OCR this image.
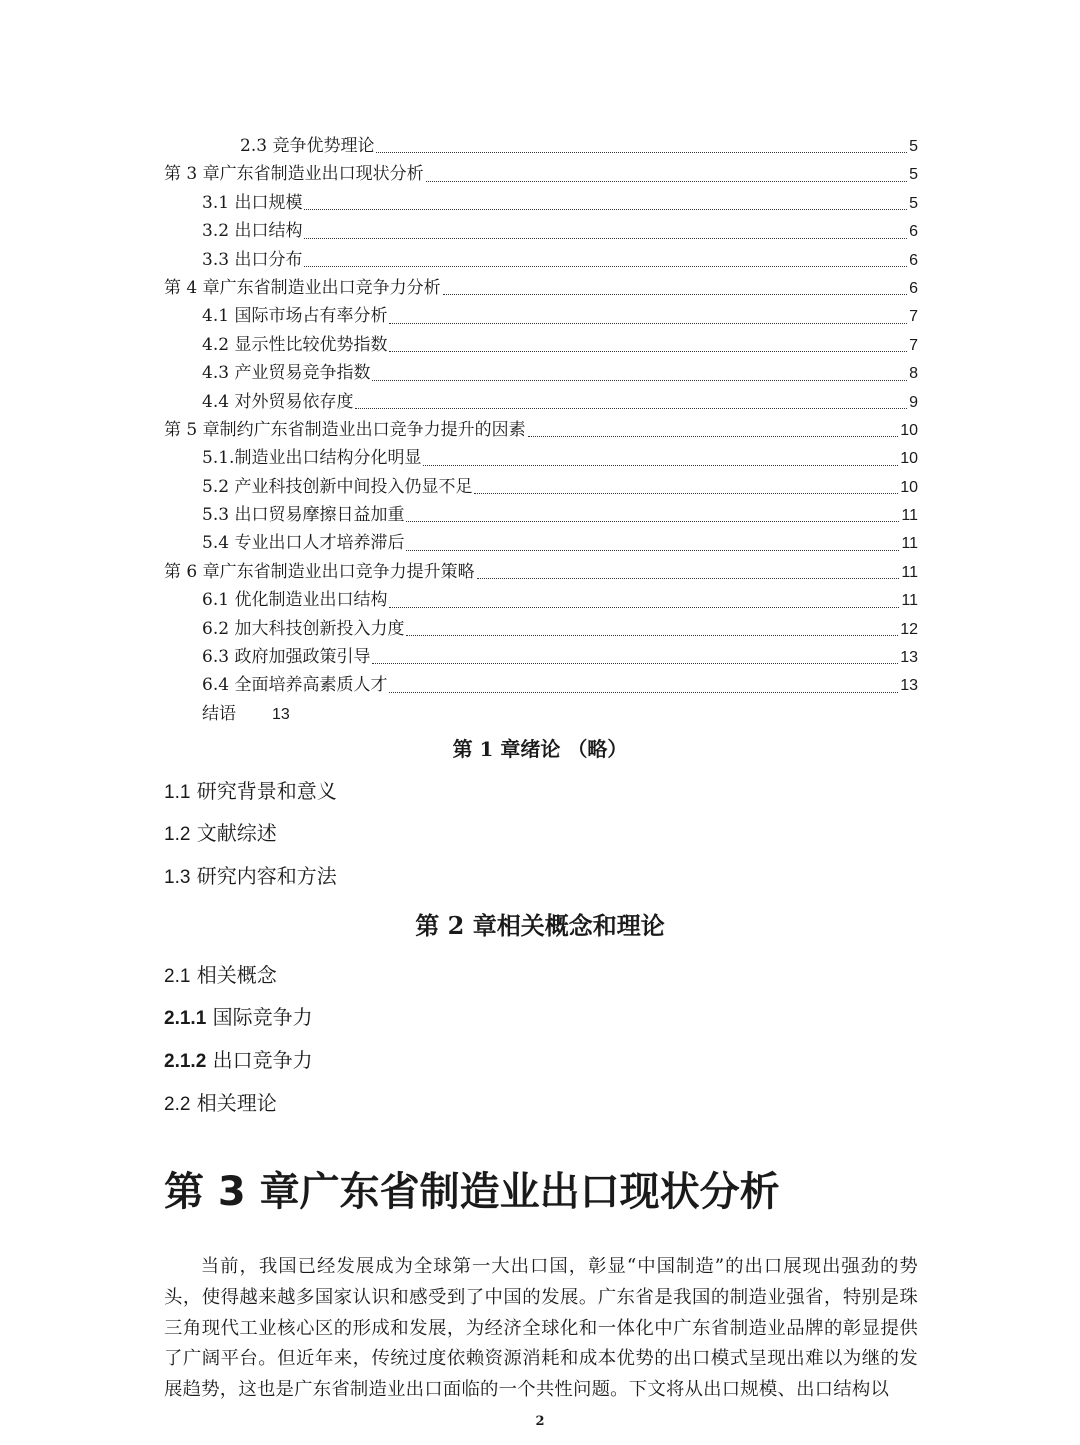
2.3 竞争优势理论	5
第 3 章广东省制造业出口现状分析	5
3.1 出口规模	5
3.2 出口结构	6
3.3 出口分布	6
第 4 章广东省制造业出口竞争力分析	6
4.1 国际市场占有率分析	7
4.2 显示性比较优势指数	7
4.3 产业贸易竞争指数	8
4.4 对外贸易依存度	9
第 5 章制约广东省制造业出口竞争力提升的因素	10
5.1.制造业出口结构分化明显	10
5.2 产业科技创新中间投入仍显不足	10
5.3 出口贸易摩擦日益加重	11
5.4 专业出口人才培养滞后	11
第 6 章广东省制造业出口竞争力提升策略	11
6.1 优化制造业出口结构	11
6.2 加大科技创新投入力度	12
6.3 政府加强政策引导	13
6.4 全面培养高素质人才	13
结语 13
第 1 章绪论 （略）
1.1 研究背景和意义
1.2 文献综述
1.3 研究内容和方法
第 2 章相关概念和理论
2.1 相关概念
2.1.1 国际竞争力
2.1.2 出口竞争力
2.2 相关理论
第 3 章广东省制造业出口现状分析
当前，我国已经发展成为全球第一大出口国，彰显“中国制造”的出口展现出强劲的势头，使得越来越多国家认识和感受到了中国的发展。广东省是我国的制造业强省，特别是珠三角现代工业核心区的形成和发展，为经济全球化和一体化中广东省制造业品牌的彰显提供了广阔平台。但近年来，传统过度依赖资源消耗和成本优势的出口模式呈现出难以为继的发展趋势，这也是广东省制造业出口面临的一个共性问题。下文将从出口规模、出口结构以
2
